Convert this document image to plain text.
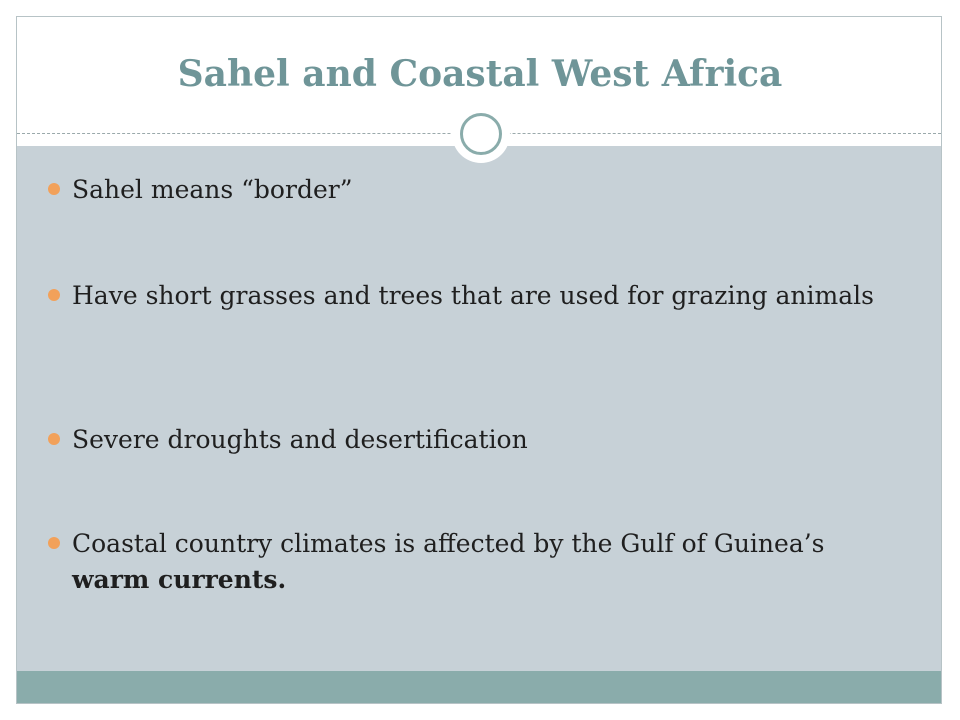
Sahel and Coastal West Africa
Sahel means “border”
Have short grasses and trees that are used for grazing animals
Severe droughts and desertification
Coastal country climates is affected by the Gulf of Guinea’s warm currents.
